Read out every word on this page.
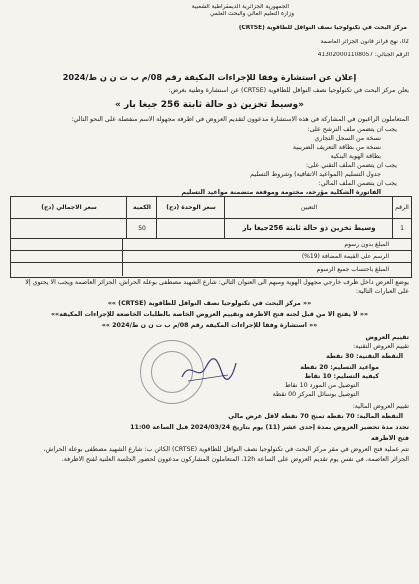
الجمهورية الجزائرية الديمقراطية الشعبية
وزارة التعليم العالي والبحث العلمي
مركز البحث في تكنولوجيا نصف النواقل للطاقوية (CRTSE)
02، نهج فرانز فانون الجزائر العاصمة
الرقم الجبائي: 413020001108057
إعلان عن استشارة وفقا للإجراءات المكيفة رقم 08/م ب ت ن ن ط/2024
يعلن مركز البحث في تكنولوجيا نصف النواقل للطاقوية (CRTSE) عن استشارة وطنية بغرض:
«وسيط تخزين ذو حالة ثابتة 256 جيغا بار »
المتعاملون الراغبون في المشاركة في هذه الاستشارة مدعوون لتقديم العروض في أظرفة مجهولة الاسم منفصلة على النحو التالي:
يجب أن يتضمن ملف الترشح على:
نسخة من السجل التجاري
نسخة من بطاقة التعريف الضريبية
بطاقة الهوية البنكية
يجب أن يتضمن الملف التقني على:
جدول التسليم (المواعيد الاتفاقية) وشروط التسليم
يجب أن يتضمن الملف المالي:
الفاتورة الشكلية مؤرخة، مختومة وموقعة متضمنة مواعيد التسليم
الرقم
التعيين
سعر الوحدة (دج)
الكمية
سعر الاجمالي (دج)
1
وسيط تخزين ذو حالة ثابتة 256جيغا بار
50
المبلغ بدون رسوم
الرسم على القيمة المضافة (19%)
المبلغ باحتساب جميع الرسوم
يوضع العرض داخل ظرف خارجي مجهول الهوية ومبهم الى العنوان التالي: شارع الشهيد مصطفى بوعلة الحراش، الجزائر العاصمة ويجب الا يحتوي إلا
على العبارات التالية:
«« مركز البحث في تكنولوجيا نصف النواقل للطاقوية (CRTSE) »»
«« لا يفتح الا من قبل لجنة فتح الأظرفة وتقييم العروض الخاصة بالطلبات الخاضعة للإجراءات المكيفة»»
«« استشارة وفقا للإجراءات المكيفة رقم 08/م ب ت ن ن ط/2024 »»
تقييم العروض
تقييم العروض التقنية:
النقطة التقنية: 30 نقطة
مواعيد التسليم: 20 نقطة
كيفية التسليم: 10 نقاط
التوصيل من المورد 10 نقاط
التوصيل بوسائل المركز 00 نقطة
تقييم العروض المالية:
النقطة المالية: 70 نقطة تمنح 70 نقطة لأقل عرض مالي
تحدد مدة تحضير العروض بمدة إحدى عشر (11) يوم بتاريخ 2024/03/24 قبل الساعة 11:00
فتح الأظرفة
تتم عملية فتح العروض في مقر مركز البحث في تكنولوجيا نصف النواقل للطاقوية (CRTSE) الكائن ب: شارع الشهيد مصطفى بوعلة الحراش،
الجزائر العاصمة، في نفس يوم تقديم العروض على الساعة 12h، المتعاملون المشاركون مدعوون لحضور الجلسة العلنية لفتح الأظرفة.
